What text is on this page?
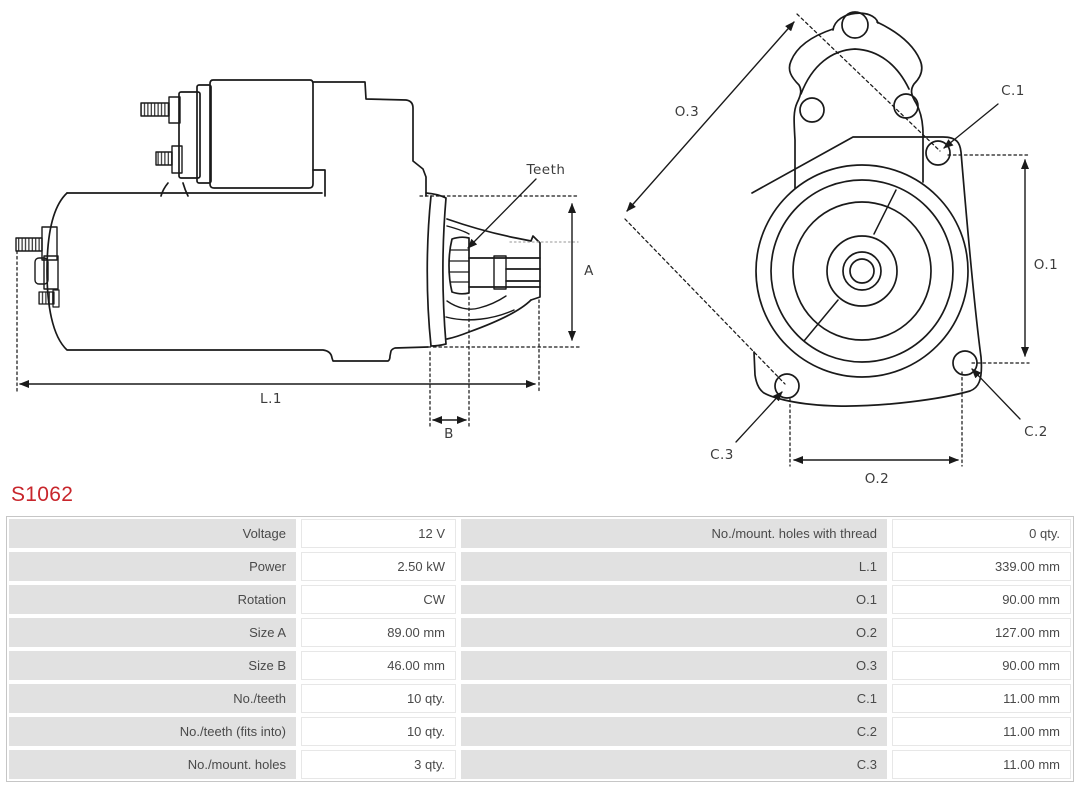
Teeth
A
L.1
B
O.3
C.1
O.1
C.2
C.3
O.2
S1062
Voltage	12 V	No./mount. holes with thread	0 qty.
Power	2.50 kW	L.1	339.00 mm
Rotation	CW	O.1	90.00 mm
Size A	89.00 mm	O.2	127.00 mm
Size B	46.00 mm	O.3	90.00 mm
No./teeth	10 qty.	C.1	11.00 mm
No./teeth (fits into)	10 qty.	C.2	11.00 mm
No./mount. holes	3 qty.	C.3	11.00 mm
